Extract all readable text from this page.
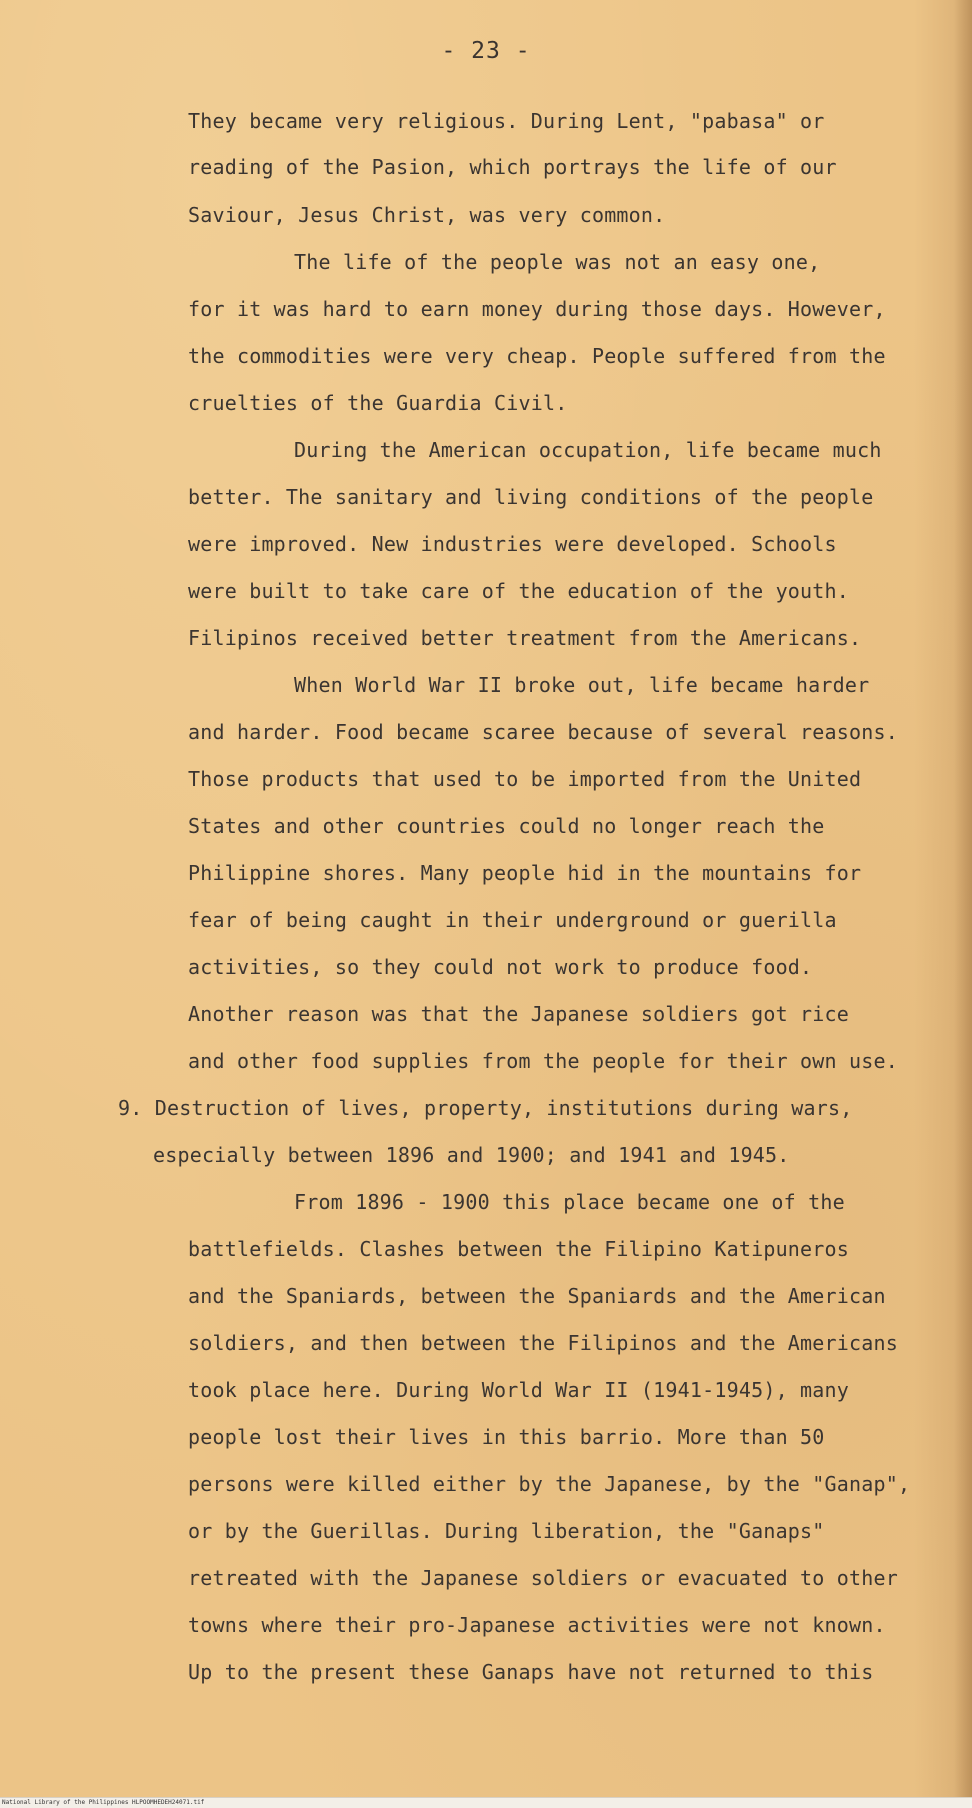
- 23 -
They became very religious. During Lent, "pabasa" or
reading of the Pasion, which portrays the life of our
Saviour, Jesus Christ, was very common.
The life of the people was not an easy one,
for it was hard to earn money during those days. However,
the commodities were very cheap. People suffered from the
cruelties of the Guardia Civil.
During the American occupation, life became much
better. The sanitary and living conditions of the people
were improved. New industries were developed. Schools
were built to take care of the education of the youth.
Filipinos received better treatment from the Americans.
When World War II broke out, life became harder
and harder. Food became scaree because of several reasons.
Those products that used to be imported from the United
States and other countries could no longer reach the
Philippine shores. Many people hid in the mountains for
fear of being caught in their underground or guerilla
activities, so they could not work to produce food.
Another reason was that the Japanese soldiers got rice
and other food supplies from the people for their own use.
9. Destruction of lives, property, institutions during wars,
especially between 1896 and 1900; and 1941 and 1945.
From 1896 - 1900 this place became one of the
battlefields. Clashes between the Filipino Katipuneros
and the Spaniards, between the Spaniards and the American
soldiers, and then between the Filipinos and the Americans
took place here. During World War II (1941-1945), many
people lost their lives in this barrio. More than 50
persons were killed either by the Japanese, by the "Ganap",
or by the Guerillas. During liberation, the "Ganaps"
retreated with the Japanese soldiers or evacuated to other
towns where their pro-Japanese activities were not known.
Up to the present these Ganaps have not returned to this
National Library of the Philippines HLPOOMHEDEH24071.tif
